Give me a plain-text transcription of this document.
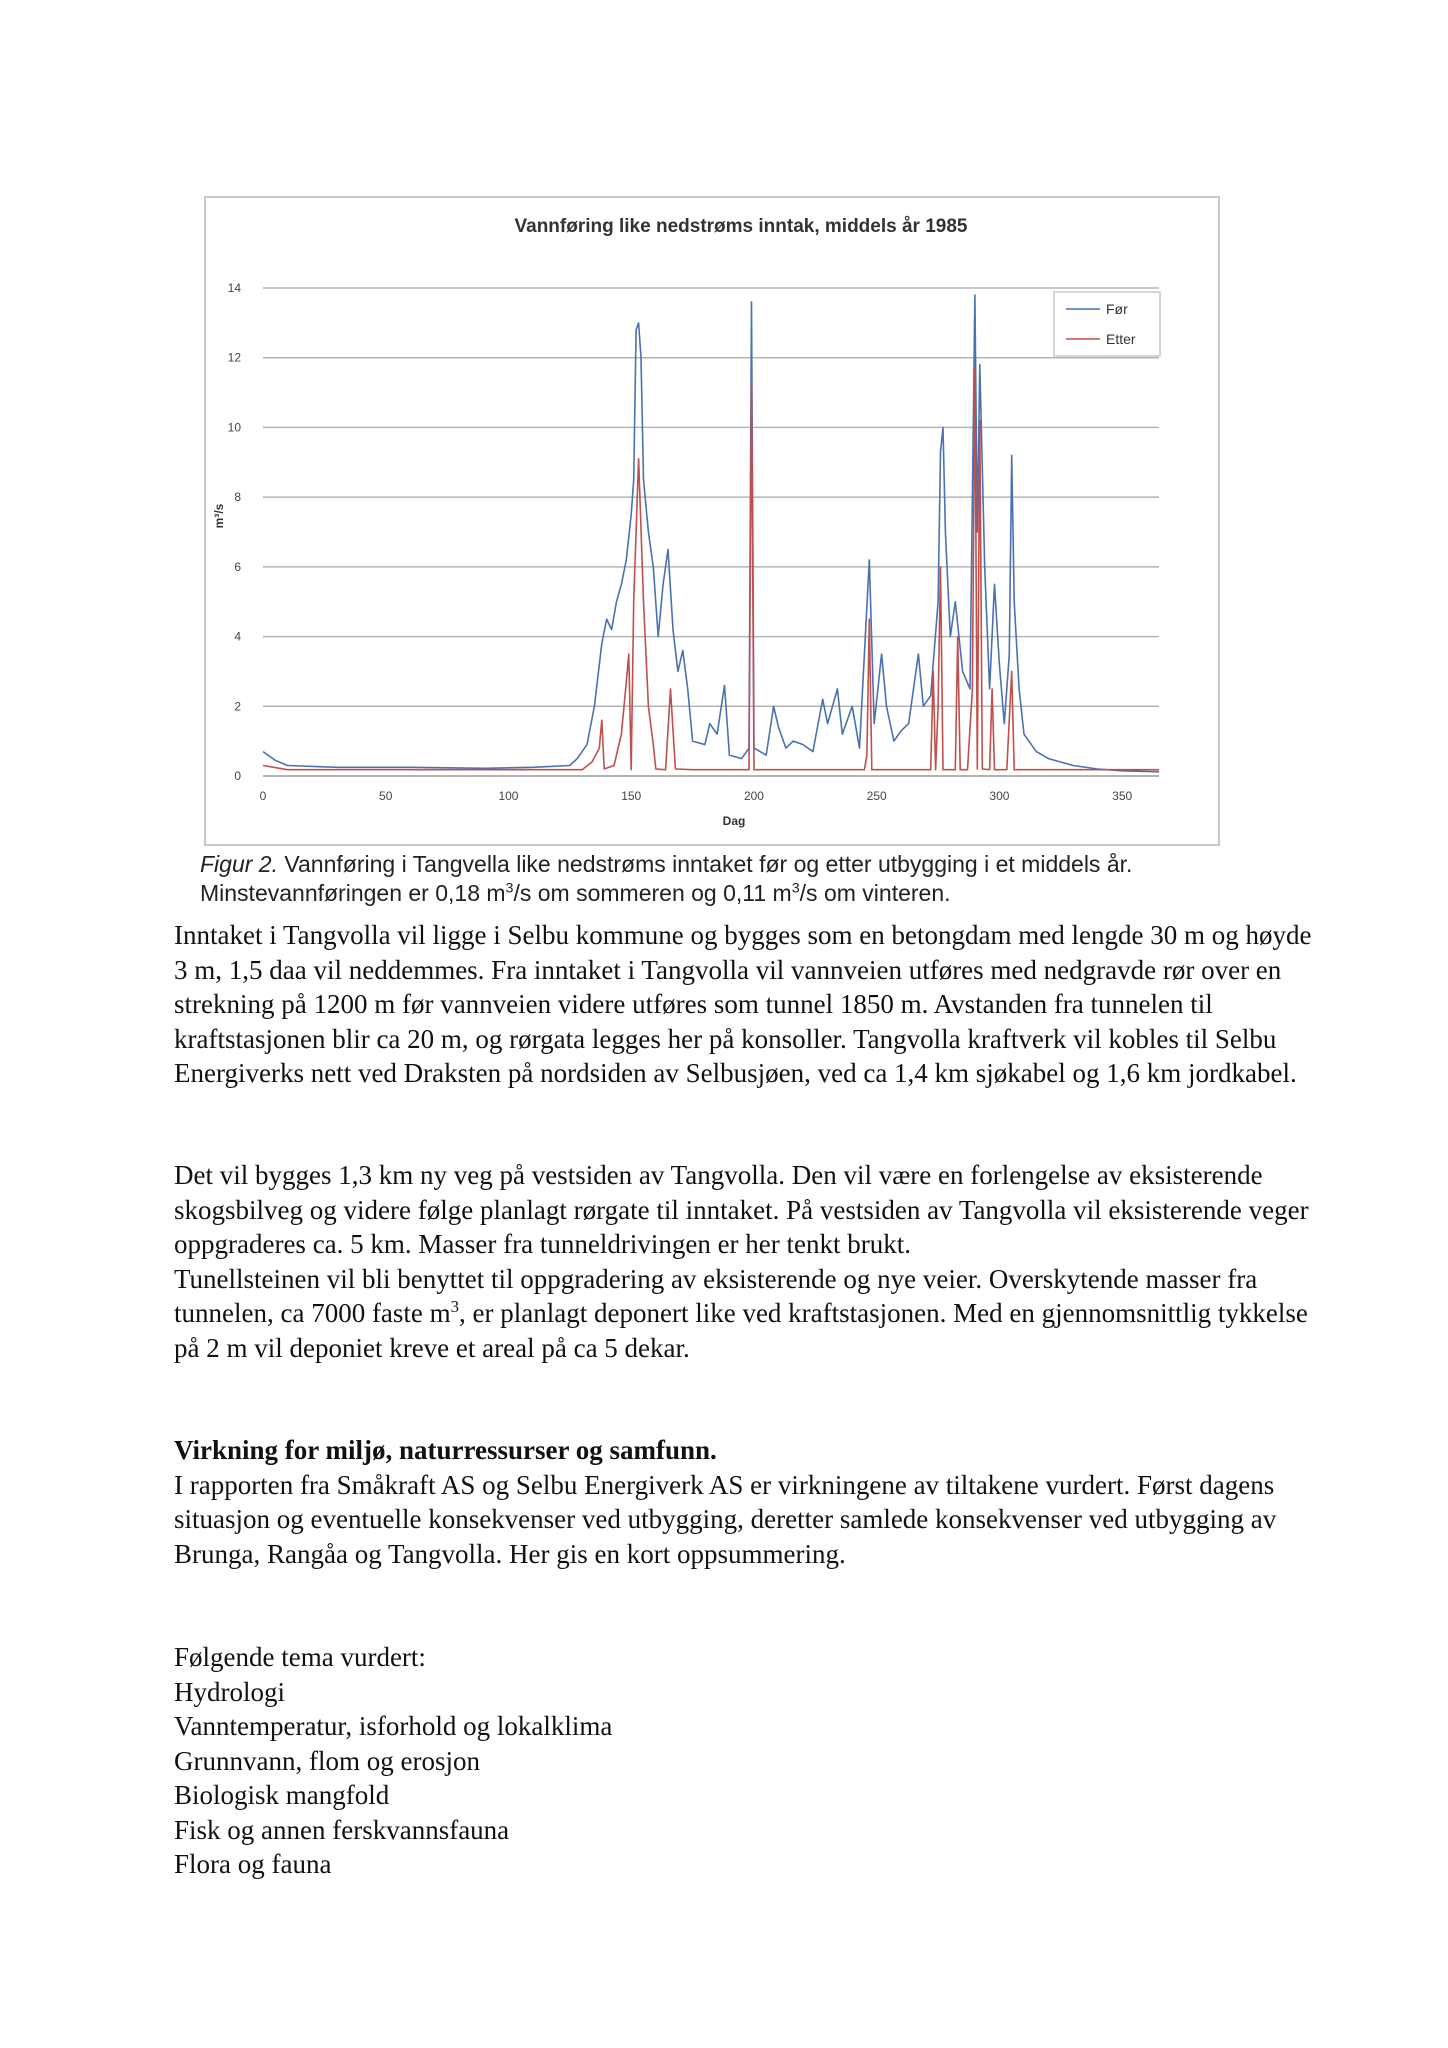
Vannføring like nedstrøms inntak, middels år 1985
m³/s
Dag
0
2
4
6
8
10
12
14
0	50	100	150	200	250	300	350
Før
Etter
Figur 2. Vannføring i Tangvella like nedstrøms inntaket før og etter utbygging i et middels år.
Minstevannføringen er 0,18 $m^3/s$ om sommeren og 0,11 $m^3/s$ om vinteren.

Inntaket i Tangvolla vil ligge i Selbu kommune og bygges som en betongdam med lengde 30 m og høyde 3 m, 1,5 daa vil neddemmes. Fra inntaket i Tangvolla vil vannveien utføres med nedgravde rør over en strekning på 1200 m før vannveien videre utføres som tunnel 1850 m. Avstanden fra tunnelen til kraftstasjonen blir ca 20 m, og rørgata legges her på konsoller. Tangvolla kraftverk vil kobles til Selbu Energiverks nett ved Draksten på nordsiden av Selbusjøen, ved ca 1,4 km sjøkabel og 1,6 km jordkabel.

Det vil bygges 1,3 km ny veg på vestsiden av Tangvolla. Den vil være en forlengelse av eksisterende skogsbilveg og videre følge planlagt rørgate til inntaket. På vestsiden av Tangvolla vil eksisterende veger oppgraderes ca. 5 km. Masser fra tunneldrivingen er her tenkt brukt.

Tunellsteinen vil bli benyttet til oppgradering av eksisterende og nye veier. Overskytende masser fra tunnelen, ca 7000 faste $m^3$, er planlagt deponert like ved kraftstasjonen. Med en gjennomsnittlig tykkelse på 2 m vil deponiet kreve et areal på ca 5 dekar.

Virkning for miljø, naturressurser og samfunn.

I rapporten fra Småkraft AS og Selbu Energiverk AS er virkningene av tiltakene vurdert. Først dagens situasjon og eventuelle konsekvenser ved utbygging, deretter samlede konsekvenser ved utbygging av Brunga, Rangåa og Tangvolla. Her gis en kort oppsummering.

Følgende tema vurdert:

Hydrologi

Vanntemperatur, isforhold og lokalklima

Grunnvann, flom og erosjon

Biologisk mangfold

Fisk og annen ferskvannsfauna

Flora og fauna
